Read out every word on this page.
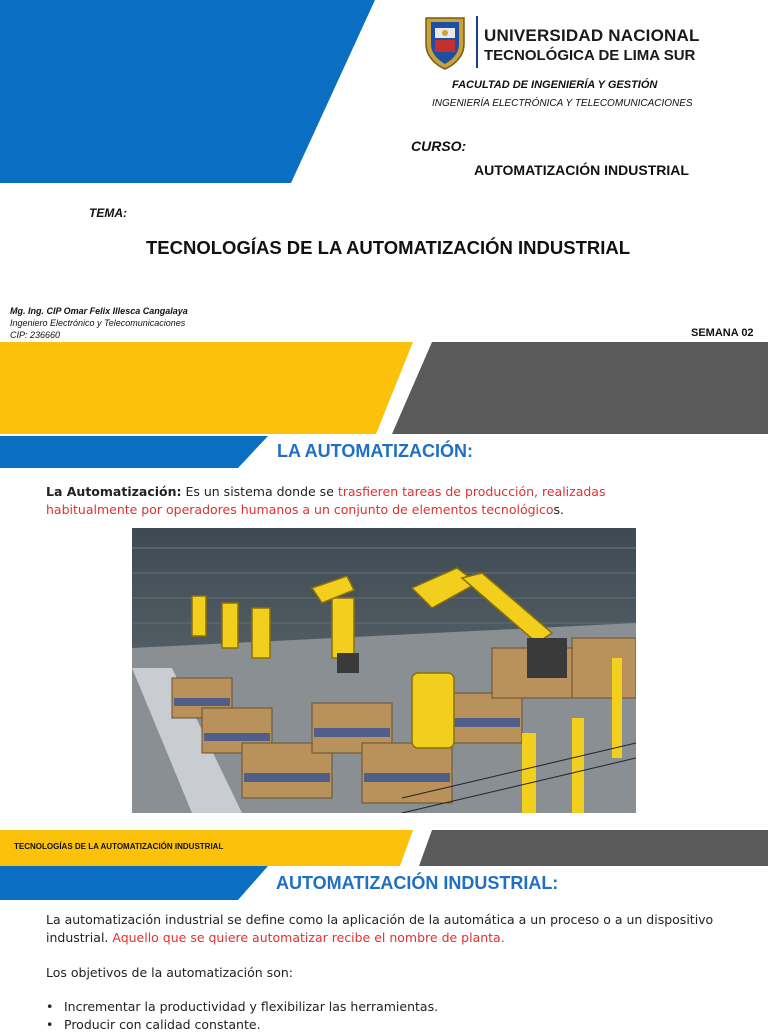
UNIVERSIDAD NACIONAL
TECNOLÓGICA DE LIMA SUR
FACULTAD DE INGENIERÍA Y GESTIÓN
INGENIERÍA ELECTRÓNICA Y TELECOMUNICACIONES
CURSO:
AUTOMATIZACIÓN INDUSTRIAL
TEMA:
TECNOLOGÍAS DE LA AUTOMATIZACIÓN INDUSTRIAL
Mg. Ing. CIP Omar Felix Illesca Cangalaya
Ingeniero Electrónico y Telecomunicaciones
CIP: 236660	SEMANA 02
LA AUTOMATIZACIÓN:
La Automatización: Es un sistema donde se trasfieren tareas de producción, realizadas habitualmente por operadores humanos a un conjunto de elementos tecnológicos.
TECNOLOGÍAS DE LA AUTOMATIZACIÓN INDUSTRIAL
AUTOMATIZACIÓN INDUSTRIAL:
La automatización industrial se define como la aplicación de la automática a un proceso o a un dispositivo industrial. Aquello que se quiere automatizar recibe el nombre de planta.
Los objetivos de la automatización son:
• Incrementar la productividad y flexibilizar las herramientas.
• Producir con calidad constante.
